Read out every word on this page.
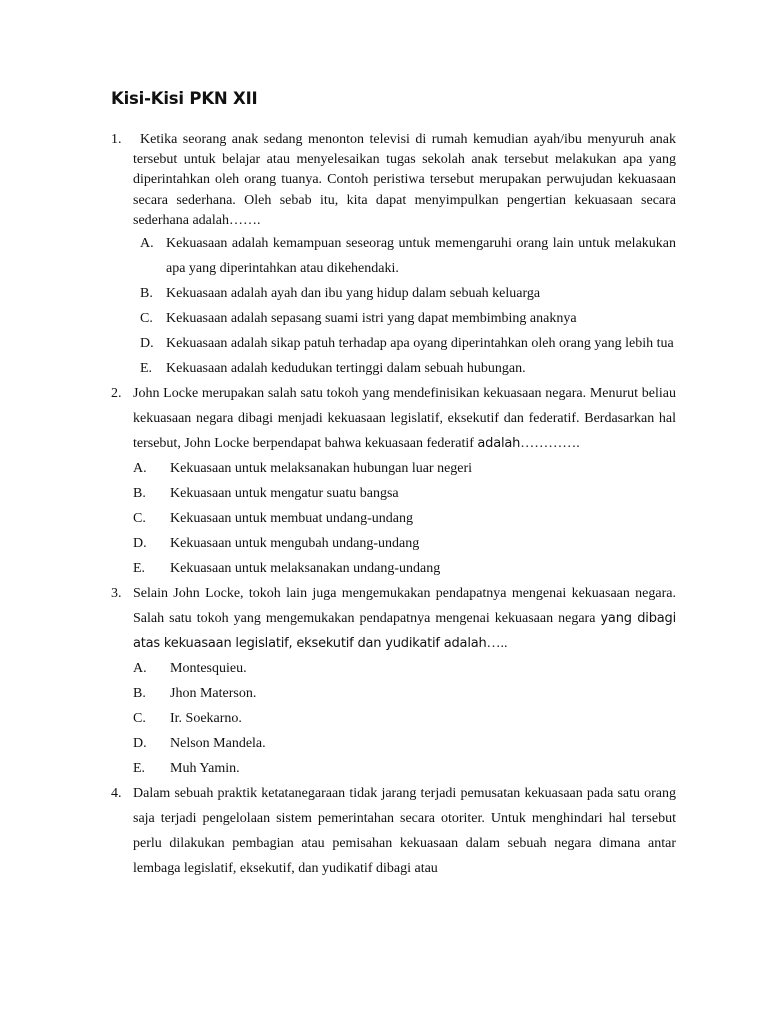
Kisi-Kisi PKN XII
1.	Ketika seorang anak sedang menonton televisi di rumah kemudian ayah/ibu menyuruh anak tersebut untuk belajar atau menyelesaikan tugas sekolah anak tersebut melakukan apa yang diperintahkan oleh orang tuanya. Contoh peristiwa tersebut merupakan perwujudan kekuasaan secara sederhana. Oleh sebab itu, kita dapat menyimpulkan pengertian kekuasaan secara sederhana adalah…….
A. Kekuasaan adalah kemampuan seseorag untuk memengaruhi orang lain untuk melakukan apa yang diperintahkan atau dikehendaki.
B. Kekuasaan adalah ayah dan ibu yang hidup dalam sebuah keluarga
C. Kekuasaan adalah sepasang suami istri yang dapat membimbing anaknya
D. Kekuasaan adalah sikap patuh terhadap apa oyang diperintahkan oleh orang yang lebih tua
E. Kekuasaan adalah kedudukan tertinggi dalam sebuah hubungan.
2. John Locke merupakan salah satu tokoh yang mendefinisikan kekuasaan negara. Menurut beliau kekuasaan negara dibagi menjadi kekuasaan legislatif, eksekutif dan federatif. Berdasarkan hal tersebut, John Locke berpendapat bahwa kekuasaan federatif adalah………….
A. Kekuasaan untuk melaksanakan hubungan luar negeri
B. Kekuasaan untuk mengatur suatu bangsa
C. Kekuasaan untuk membuat undang-undang
D. Kekuasaan untuk mengubah undang-undang
E. Kekuasaan untuk melaksanakan undang-undang
3. Selain John Locke, tokoh lain juga mengemukakan pendapatnya mengenai kekuasaan negara. Salah satu tokoh yang mengemukakan pendapatnya mengenai kekuasaan negara yang dibagi atas kekuasaan legislatif, eksekutif dan yudikatif adalah…..
A. Montesquieu.
B. Jhon Materson.
C. Ir. Soekarno.
D. Nelson Mandela.
E. Muh Yamin.
4. Dalam sebuah praktik ketatanegaraan tidak jarang terjadi pemusatan kekuasaan pada satu orang saja terjadi pengelolaan sistem pemerintahan secara otoriter. Untuk menghindari hal tersebut perlu dilakukan pembagian atau pemisahan kekuasaan dalam sebuah negara dimana antar lembaga legislatif, eksekutif, dan yudikatif dibagi atau
